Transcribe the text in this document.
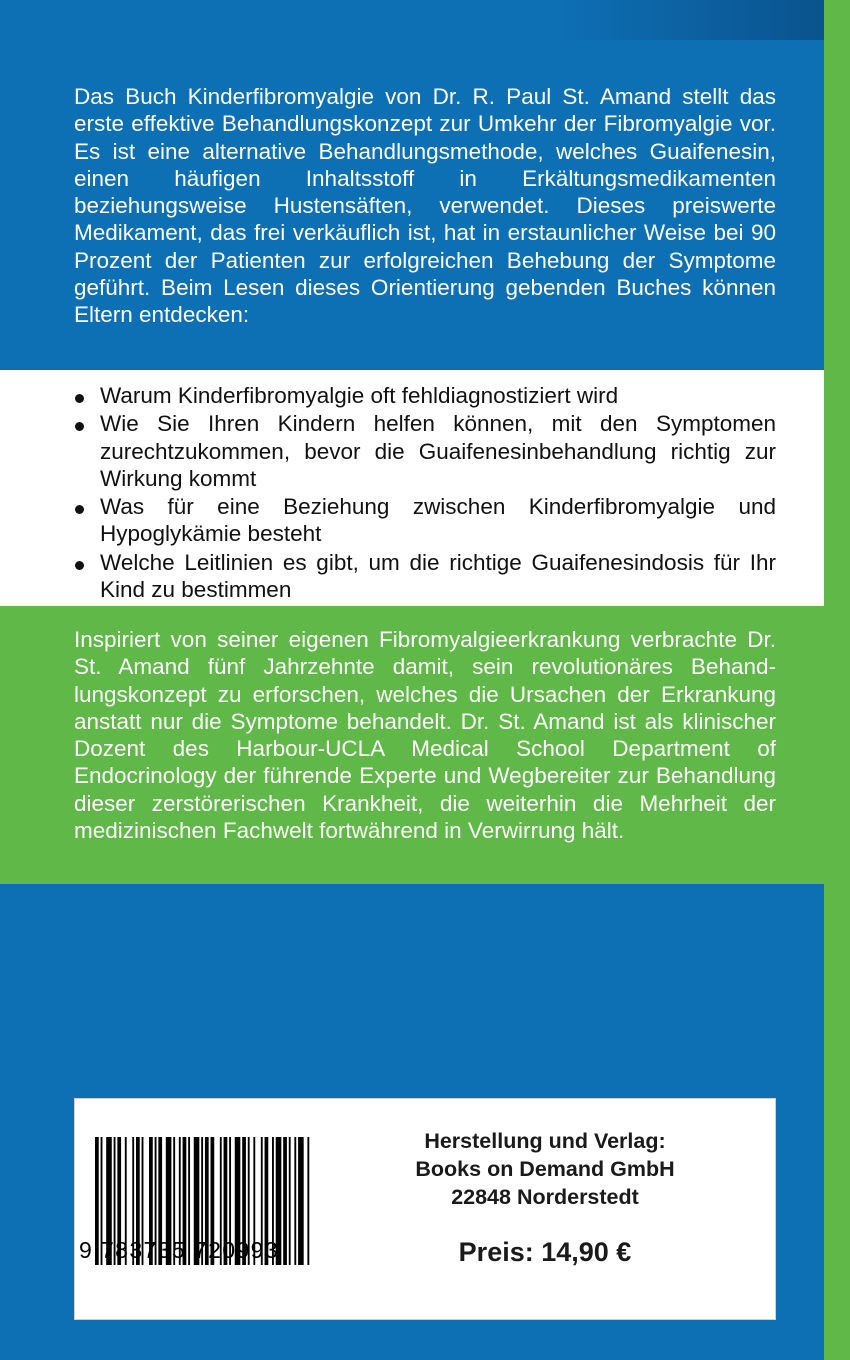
Das Buch Kinderfibromyalgie von Dr. R. Paul St. Amand stellt das erste effektive Behandlungskonzept zur Umkehr der Fibromyalgie vor. Es ist eine alternative Behandlungsmethode, welches Guaifenesin, einen häufigen Inhaltsstoff in Erkältungsmedikamenten beziehungsweise Hustensäften, verwendet. Dieses preiswerte Medikament, das frei verkäuflich ist, hat in erstaunlicher Weise bei 90 Prozent der Patienten zur erfolgreichen Behebung der Symptome geführt. Beim Lesen dieses Orientierung gebenden Buches können Eltern entdecken:
Warum Kinderfibromyalgie oft fehldiagnostiziert wird
Wie Sie Ihren Kindern helfen können, mit den Symptomen zurechtzukommen, bevor die Guaifenesinbehandlung richtig zur Wirkung kommt
Was für eine Beziehung zwischen Kinderfibromyalgie und Hypoglykämie besteht
Welche Leitlinien es gibt, um die richtige Guaifenesindosis für Ihr Kind zu bestimmen
Inspiriert von seiner eigenen Fibromyalgieerkrankung verbrachte Dr. St. Amand fünf Jahrzehnte damit, sein revolutionäres Behandlungskonzept zu erforschen, welches die Ursachen der Erkrankung anstatt nur die Symptome behandelt. Dr. St. Amand ist als klinischer Dozent des Harbour-UCLA Medical School Department of Endocrinology der führende Experte und Wegbereiter zur Behandlung dieser zerstörerischen Krankheit, die weiterhin die Mehrheit der medizinischen Fachwelt fortwährend in Verwirrung hält.
9 783735 720993
Herstellung und Verlag:
Books on Demand GmbH
22848 Norderstedt
Preis: 14,90 €
